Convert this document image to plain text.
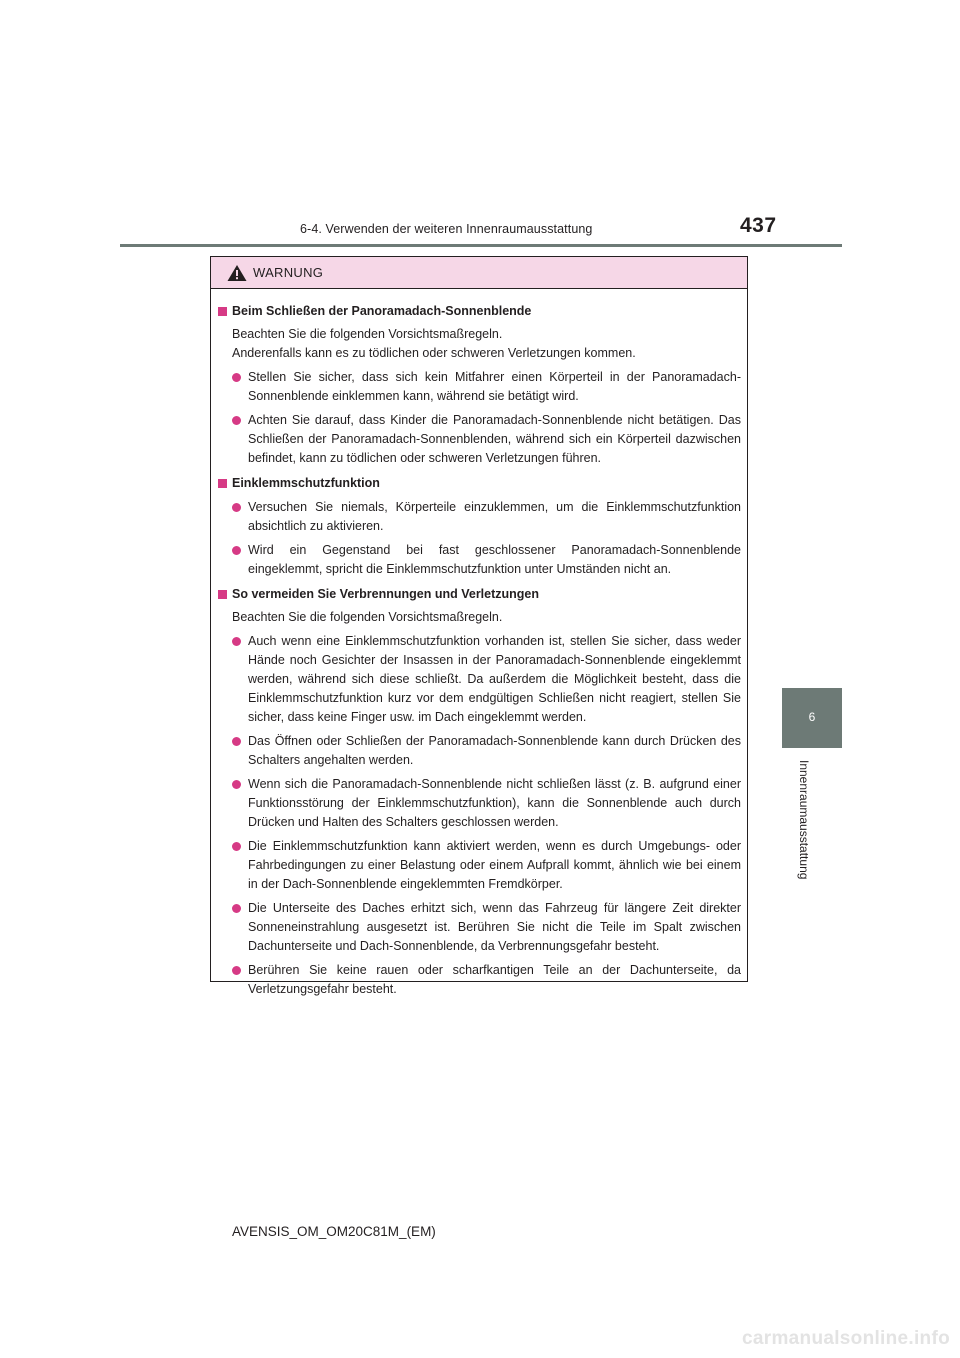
6-4. Verwenden der weiteren Innenraumausstattung	437
6
Innenraumausstattung
WARNUNG
Beim Schließen der Panoramadach-Sonnenblende
Beachten Sie die folgenden Vorsichtsmaßregeln.
Anderenfalls kann es zu tödlichen oder schweren Verletzungen kommen.
Stellen Sie sicher, dass sich kein Mitfahrer einen Körperteil in der Panoramadach-Sonnenblende einklemmen kann, während sie betätigt wird.
Achten Sie darauf, dass Kinder die Panoramadach-Sonnenblende nicht betätigen. Das Schließen der Panoramadach-Sonnenblenden, während sich ein Körperteil dazwischen befindet, kann zu tödlichen oder schweren Verletzungen führen.
Einklemmschutzfunktion
Versuchen Sie niemals, Körperteile einzuklemmen, um die Einklemmschutzfunktion absichtlich zu aktivieren.
Wird ein Gegenstand bei fast geschlossener Panoramadach-Sonnenblende eingeklemmt, spricht die Einklemmschutzfunktion unter Umständen nicht an.
So vermeiden Sie Verbrennungen und Verletzungen
Beachten Sie die folgenden Vorsichtsmaßregeln.
Auch wenn eine Einklemmschutzfunktion vorhanden ist, stellen Sie sicher, dass weder Hände noch Gesichter der Insassen in der Panoramadach-Sonnenblende eingeklemmt werden, während sich diese schließt. Da außerdem die Möglichkeit besteht, dass die Einklemmschutzfunktion kurz vor dem endgültigen Schließen nicht reagiert, stellen Sie sicher, dass keine Finger usw. im Dach eingeklemmt werden.
Das Öffnen oder Schließen der Panoramadach-Sonnenblende kann durch Drücken des Schalters angehalten werden.
Wenn sich die Panoramadach-Sonnenblende nicht schließen lässt (z. B. aufgrund einer Funktionsstörung der Einklemmschutzfunktion), kann die Sonnenblende auch durch Drücken und Halten des Schalters geschlossen werden.
Die Einklemmschutzfunktion kann aktiviert werden, wenn es durch Umgebungs- oder Fahrbedingungen zu einer Belastung oder einem Aufprall kommt, ähnlich wie bei einem in der Dach-Sonnenblende eingeklemmten Fremdkörper.
Die Unterseite des Daches erhitzt sich, wenn das Fahrzeug für längere Zeit direkter Sonneneinstrahlung ausgesetzt ist. Berühren Sie nicht die Teile im Spalt zwischen Dachunterseite und Dach-Sonnenblende, da Verbrennungsgefahr besteht.
Berühren Sie keine rauen oder scharfkantigen Teile an der Dachunterseite, da Verletzungsgefahr besteht.
AVENSIS_OM_OM20C81M_(EM)
carmanualsonline.info
